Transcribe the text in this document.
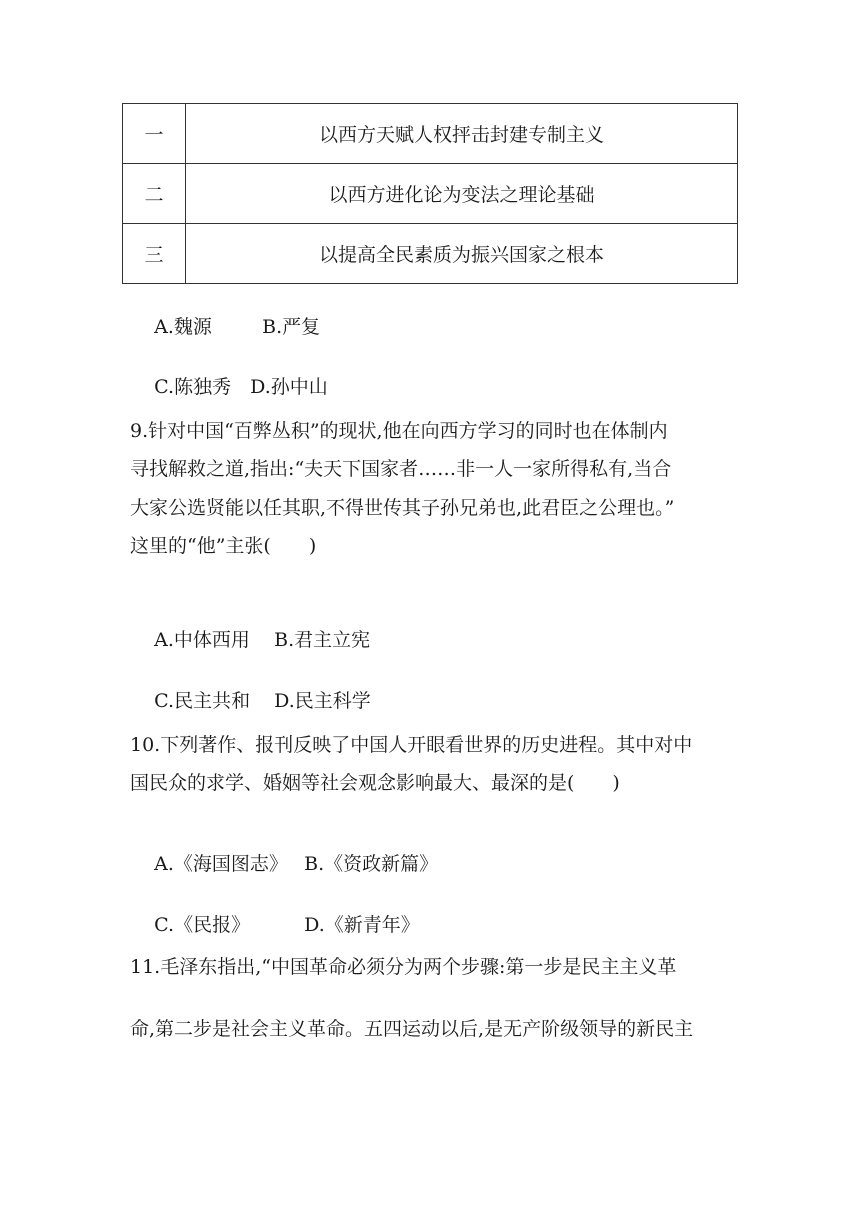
一	以西方天赋人权抨击封建专制主义
二	以西方进化论为变法之理论基础
三	以提高全民素质为振兴国家之根本

A.魏源	B.严复

C.陈独秀 D.孙中山

9.针对中国“百弊丛积”的现状,他在向西方学习的同时也在体制内
寻找解救之道,指出:“夫天下国家者……非一人一家所得私有,当合
大家公选贤能以任其职,不得世传其子孙兄弟也,此君臣之公理也。”
这里的“他”主张(　　)

A.中体西用 B.君主立宪

C.民主共和 D.民主科学

10.下列著作、报刊反映了中国人开眼看世界的历史进程。其中对中
国民众的求学、婚姻等社会观念影响最大、最深的是(　　)

A.《海国图志》 B.《资政新篇》

C.《民报》	D.《新青年》

11.毛泽东指出,“中国革命必须分为两个步骤:第一步是民主主义革
命,第二步是社会主义革命。五四运动以后,是无产阶级领导的新民主
